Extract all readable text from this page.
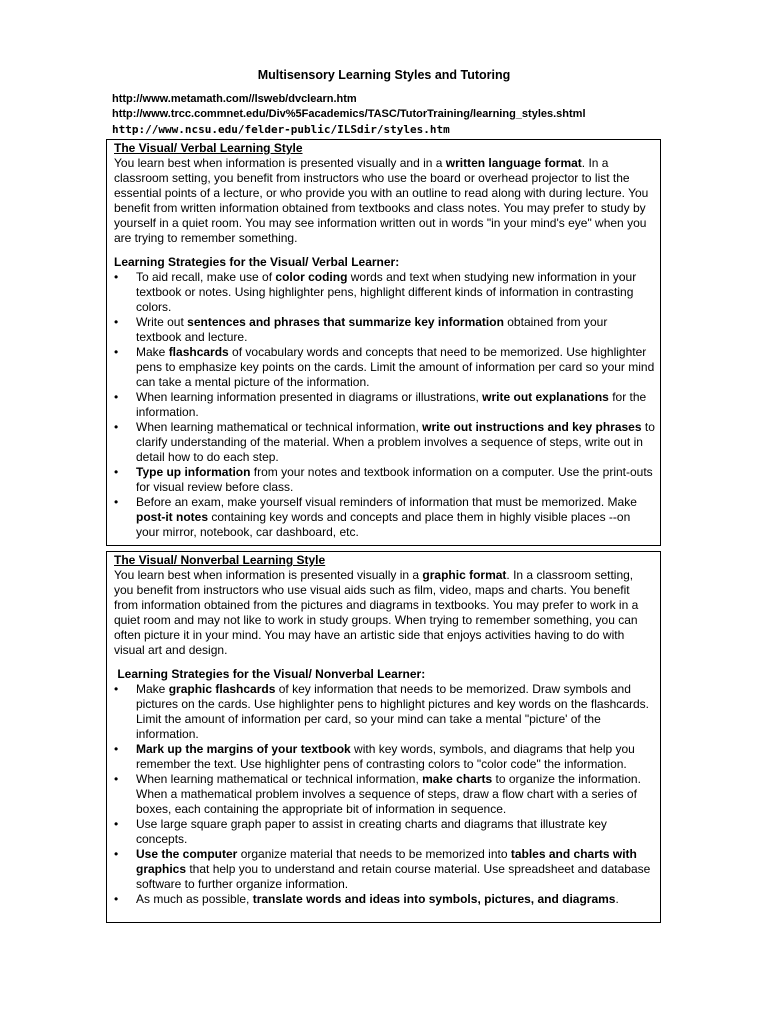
Multisensory Learning Styles and Tutoring
http://www.metamath.com//lsweb/dvclearn.htm
http://www.trcc.commnet.edu/Div%5Facademics/TASC/TutorTraining/learning_styles.shtml
http://www.ncsu.edu/felder-public/ILSdir/styles.htm
The Visual/ Verbal Learning Style

You learn best when information is presented visually and in a written language format. In a classroom setting, you benefit from instructors who use the board or overhead projector to list the essential points of a lecture, or who provide you with an outline to read along with during lecture. You benefit from written information obtained from textbooks and class notes. You may prefer to study by yourself in a quiet room. You may see information written out in words "in your mind's eye" when you are trying to remember something.

Learning Strategies for the Visual/ Verbal Learner:
• To aid recall, make use of color coding words and text when studying new information in your textbook or notes. Using highlighter pens, highlight different kinds of information in contrasting colors.
• Write out sentences and phrases that summarize key information obtained from your textbook and lecture.
• Make flashcards of vocabulary words and concepts that need to be memorized. Use highlighter pens to emphasize key points on the cards. Limit the amount of information per card so your mind can take a mental picture of the information.
• When learning information presented in diagrams or illustrations, write out explanations for the information.
• When learning mathematical or technical information, write out instructions and key phrases to clarify understanding of the material. When a problem involves a sequence of steps, write out in detail how to do each step.
• Type up information from your notes and textbook information on a computer. Use the print-outs for visual review before class.
• Before an exam, make yourself visual reminders of information that must be memorized. Make post-it notes containing key words and concepts and place them in highly visible places --on your mirror, notebook, car dashboard, etc.
The Visual/ Nonverbal Learning Style

You learn best when information is presented visually in a graphic format. In a classroom setting, you benefit from instructors who use visual aids such as film, video, maps and charts. You benefit from information obtained from the pictures and diagrams in textbooks. You may prefer to work in a quiet room and may not like to work in study groups. When trying to remember something, you can often picture it in your mind. You may have an artistic side that enjoys activities having to do with visual art and design.

Learning Strategies for the Visual/ Nonverbal Learner:
• Make graphic flashcards of key information that needs to be memorized. Draw symbols and pictures on the cards. Use highlighter pens to highlight pictures and key words on the flashcards. Limit the amount of information per card, so your mind can take a mental "picture' of the information.
• Mark up the margins of your textbook with key words, symbols, and diagrams that help you remember the text. Use highlighter pens of contrasting colors to "color code" the information.
• When learning mathematical or technical information, make charts to organize the information. When a mathematical problem involves a sequence of steps, draw a flow chart with a series of boxes, each containing the appropriate bit of information in sequence.
• Use large square graph paper to assist in creating charts and diagrams that illustrate key concepts.
• Use the computer organize material that needs to be memorized into tables and charts with graphics that help you to understand and retain course material. Use spreadsheet and database software to further organize information.
• As much as possible, translate words and ideas into symbols, pictures, and diagrams.
